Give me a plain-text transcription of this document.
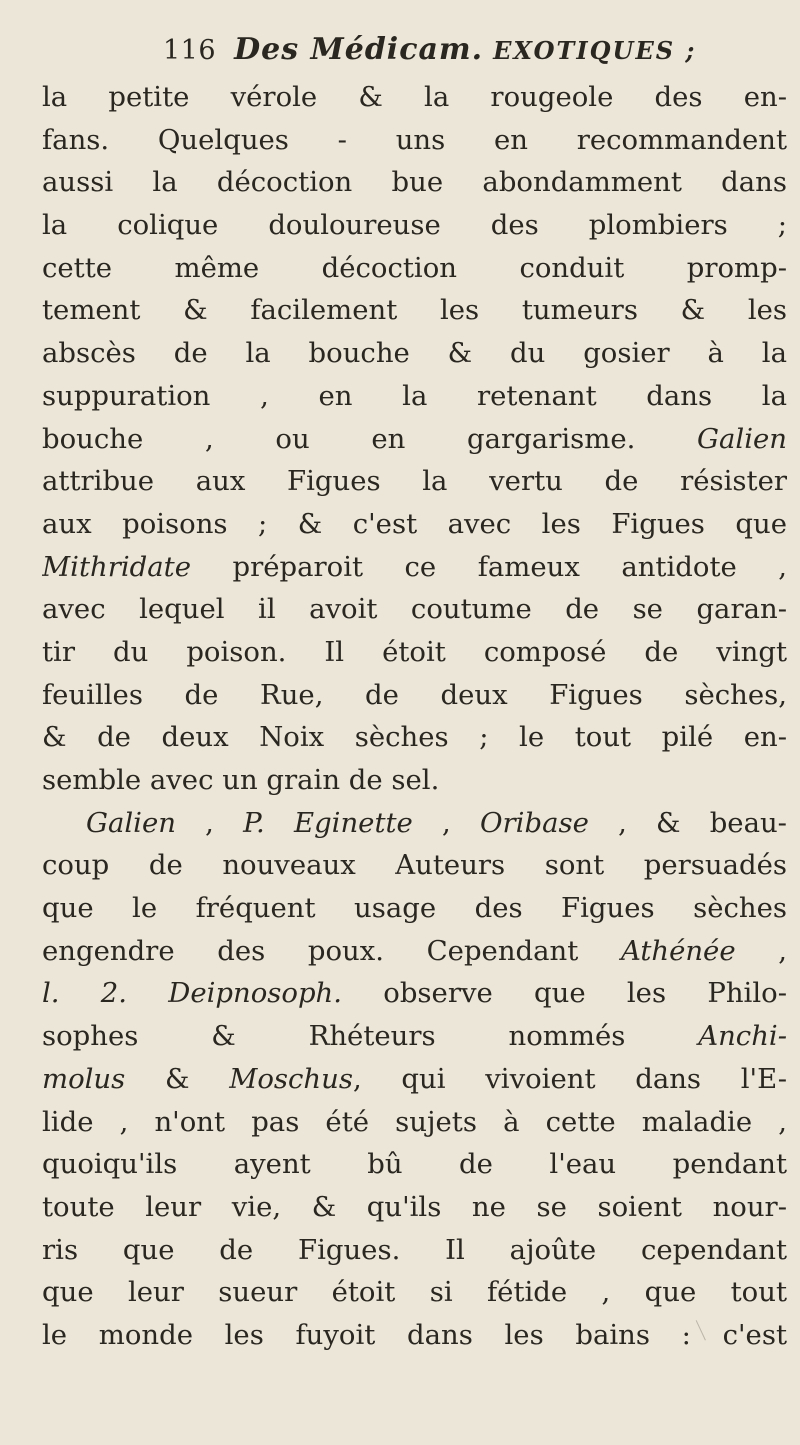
116 Des Médicam. EXOTIQUES ;
la petite vérole & la rougeole des en-
fans. Quelques - uns en recommandent
aussi la décoction bue abondamment dans
la colique douloureuse des plombiers ;
cette même décoction conduit promp-
tement & facilement les tumeurs & les
abscès de la bouche & du gosier à la
suppuration , en la retenant dans la
bouche , ou en gargarisme. Galien
attribue aux Figues la vertu de résister
aux poisons ; & c'est avec les Figues que
Mithridate préparoit ce fameux antidote ,
avec lequel il avoit coutume de se garan-
tir du poison. Il étoit composé de vingt
feuilles de Rue, de deux Figues sèches,
& de deux Noix sèches ; le tout pilé en-
semble avec un grain de sel.
Galien , P. Eginette , Oribase , & beau-
coup de nouveaux Auteurs sont persuadés
que le fréquent usage des Figues sèches
engendre des poux. Cependant Athénée ,
l. 2. Deipnosoph. observe que les Philo-
sophes & Rhéteurs nommés Anchi-
molus & Moschus, qui vivoient dans l'E-
lide , n'ont pas été sujets à cette maladie ,
quoiqu'ils ayent bû de l'eau pendant
toute leur vie, & qu'ils ne se soient nour-
ris que de Figues. Il ajoûte cependant
que leur sueur étoit si fétide , que tout
le monde les fuyoit dans les bains : c'est
